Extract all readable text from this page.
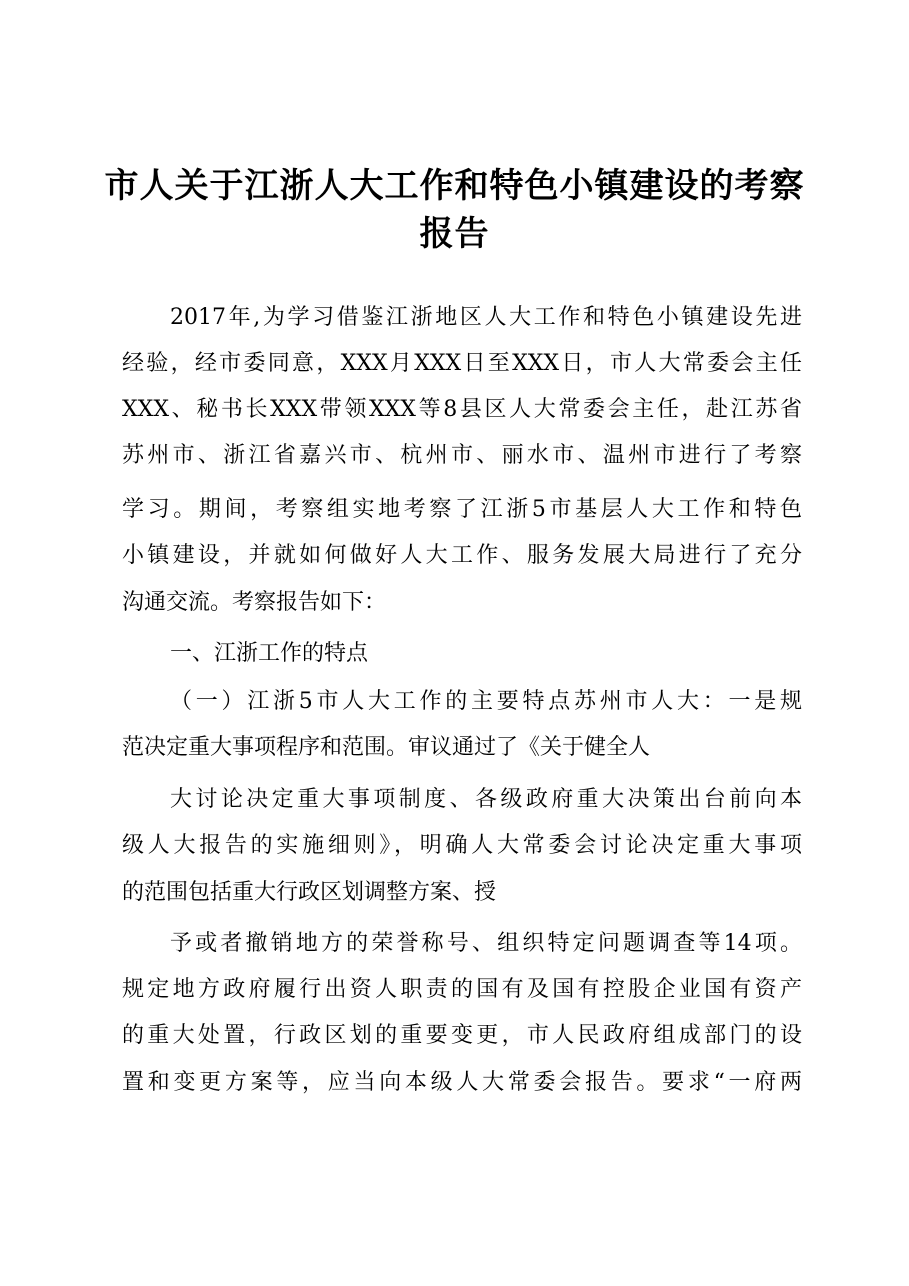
市人关于江浙人大工作和特色小镇建设的考察
报告
2017年,为学习借鉴江浙地区人大工作和特色小镇建设先进
经验，经市委同意，XXX月XXX日至XXX日，市人大常委会主任
XXX、秘书长XXX带领XXX等8县区人大常委会主任，赴江苏省
苏州市、浙江省嘉兴市、杭州市、丽水市、温州市进行了考察
学习。期间，考察组实地考察了江浙5市基层人大工作和特色
小镇建设，并就如何做好人大工作、服务发展大局进行了充分
沟通交流。考察报告如下：
一、江浙工作的特点
（一）江浙5市人大工作的主要特点苏州市人大：一是规
范决定重大事项程序和范围。审议通过了《关于健全人
大讨论决定重大事项制度、各级政府重大决策出台前向本
级人大报告的实施细则》，明确人大常委会讨论决定重大事项
的范围包括重大行政区划调整方案、授
予或者撤销地方的荣誉称号、组织特定问题调查等14项。
规定地方政府履行出资人职责的国有及国有控股企业国有资产
的重大处置，行政区划的重要变更，市人民政府组成部门的设
置和变更方案等，应当向本级人大常委会报告。要求“一府两
